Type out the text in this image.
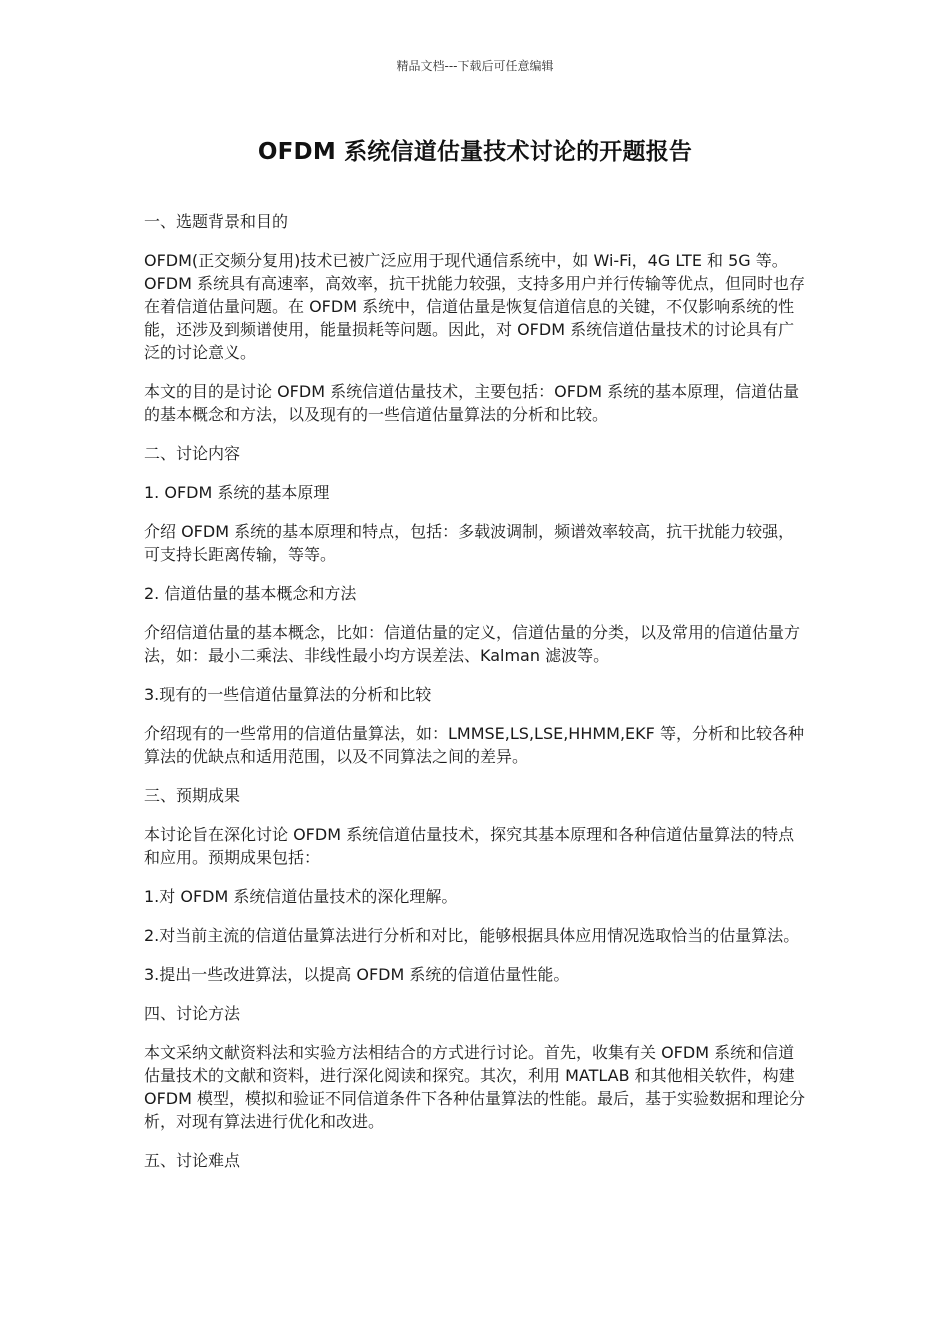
精品文档---下载后可任意编辑
OFDM 系统信道估量技术讨论的开题报告

一、选题背景和目的

OFDM(正交频分复用)技术已被广泛应用于现代通信系统中，如 Wi-Fi，4G LTE 和 5G 等。OFDM 系统具有高速率，高效率，抗干扰能力较强，支持多用户并行传输等优点，但同时也存在着信道估量问题。在 OFDM 系统中，信道估量是恢复信道信息的关键，不仅影响系统的性能，还涉及到频谱使用，能量损耗等问题。因此，对 OFDM 系统信道估量技术的讨论具有广泛的讨论意义。

本文的目的是讨论 OFDM 系统信道估量技术，主要包括：OFDM 系统的基本原理，信道估量的基本概念和方法，以及现有的一些信道估量算法的分析和比较。

二、讨论内容

1. OFDM 系统的基本原理

介绍 OFDM 系统的基本原理和特点，包括：多载波调制，频谱效率较高，抗干扰能力较强，可支持长距离传输，等等。

2. 信道估量的基本概念和方法

介绍信道估量的基本概念，比如：信道估量的定义，信道估量的分类，以及常用的信道估量方法，如：最小二乘法、非线性最小均方误差法、Kalman 滤波等。

3.现有的一些信道估量算法的分析和比较

介绍现有的一些常用的信道估量算法，如：LMMSE,LS,LSE,HHMM,EKF 等，分析和比较各种算法的优缺点和适用范围，以及不同算法之间的差异。

三、预期成果

本讨论旨在深化讨论 OFDM 系统信道估量技术，探究其基本原理和各种信道估量算法的特点和应用。预期成果包括：

1.对 OFDM 系统信道估量技术的深化理解。

2.对当前主流的信道估量算法进行分析和对比，能够根据具体应用情况选取恰当的估量算法。

3.提出一些改进算法，以提高 OFDM 系统的信道估量性能。

四、讨论方法

本文采纳文献资料法和实验方法相结合的方式进行讨论。首先，收集有关 OFDM 系统和信道估量技术的文献和资料，进行深化阅读和探究。其次，利用 MATLAB 和其他相关软件，构建 OFDM 模型，模拟和验证不同信道条件下各种估量算法的性能。最后，基于实验数据和理论分析，对现有算法进行优化和改进。

五、讨论难点
